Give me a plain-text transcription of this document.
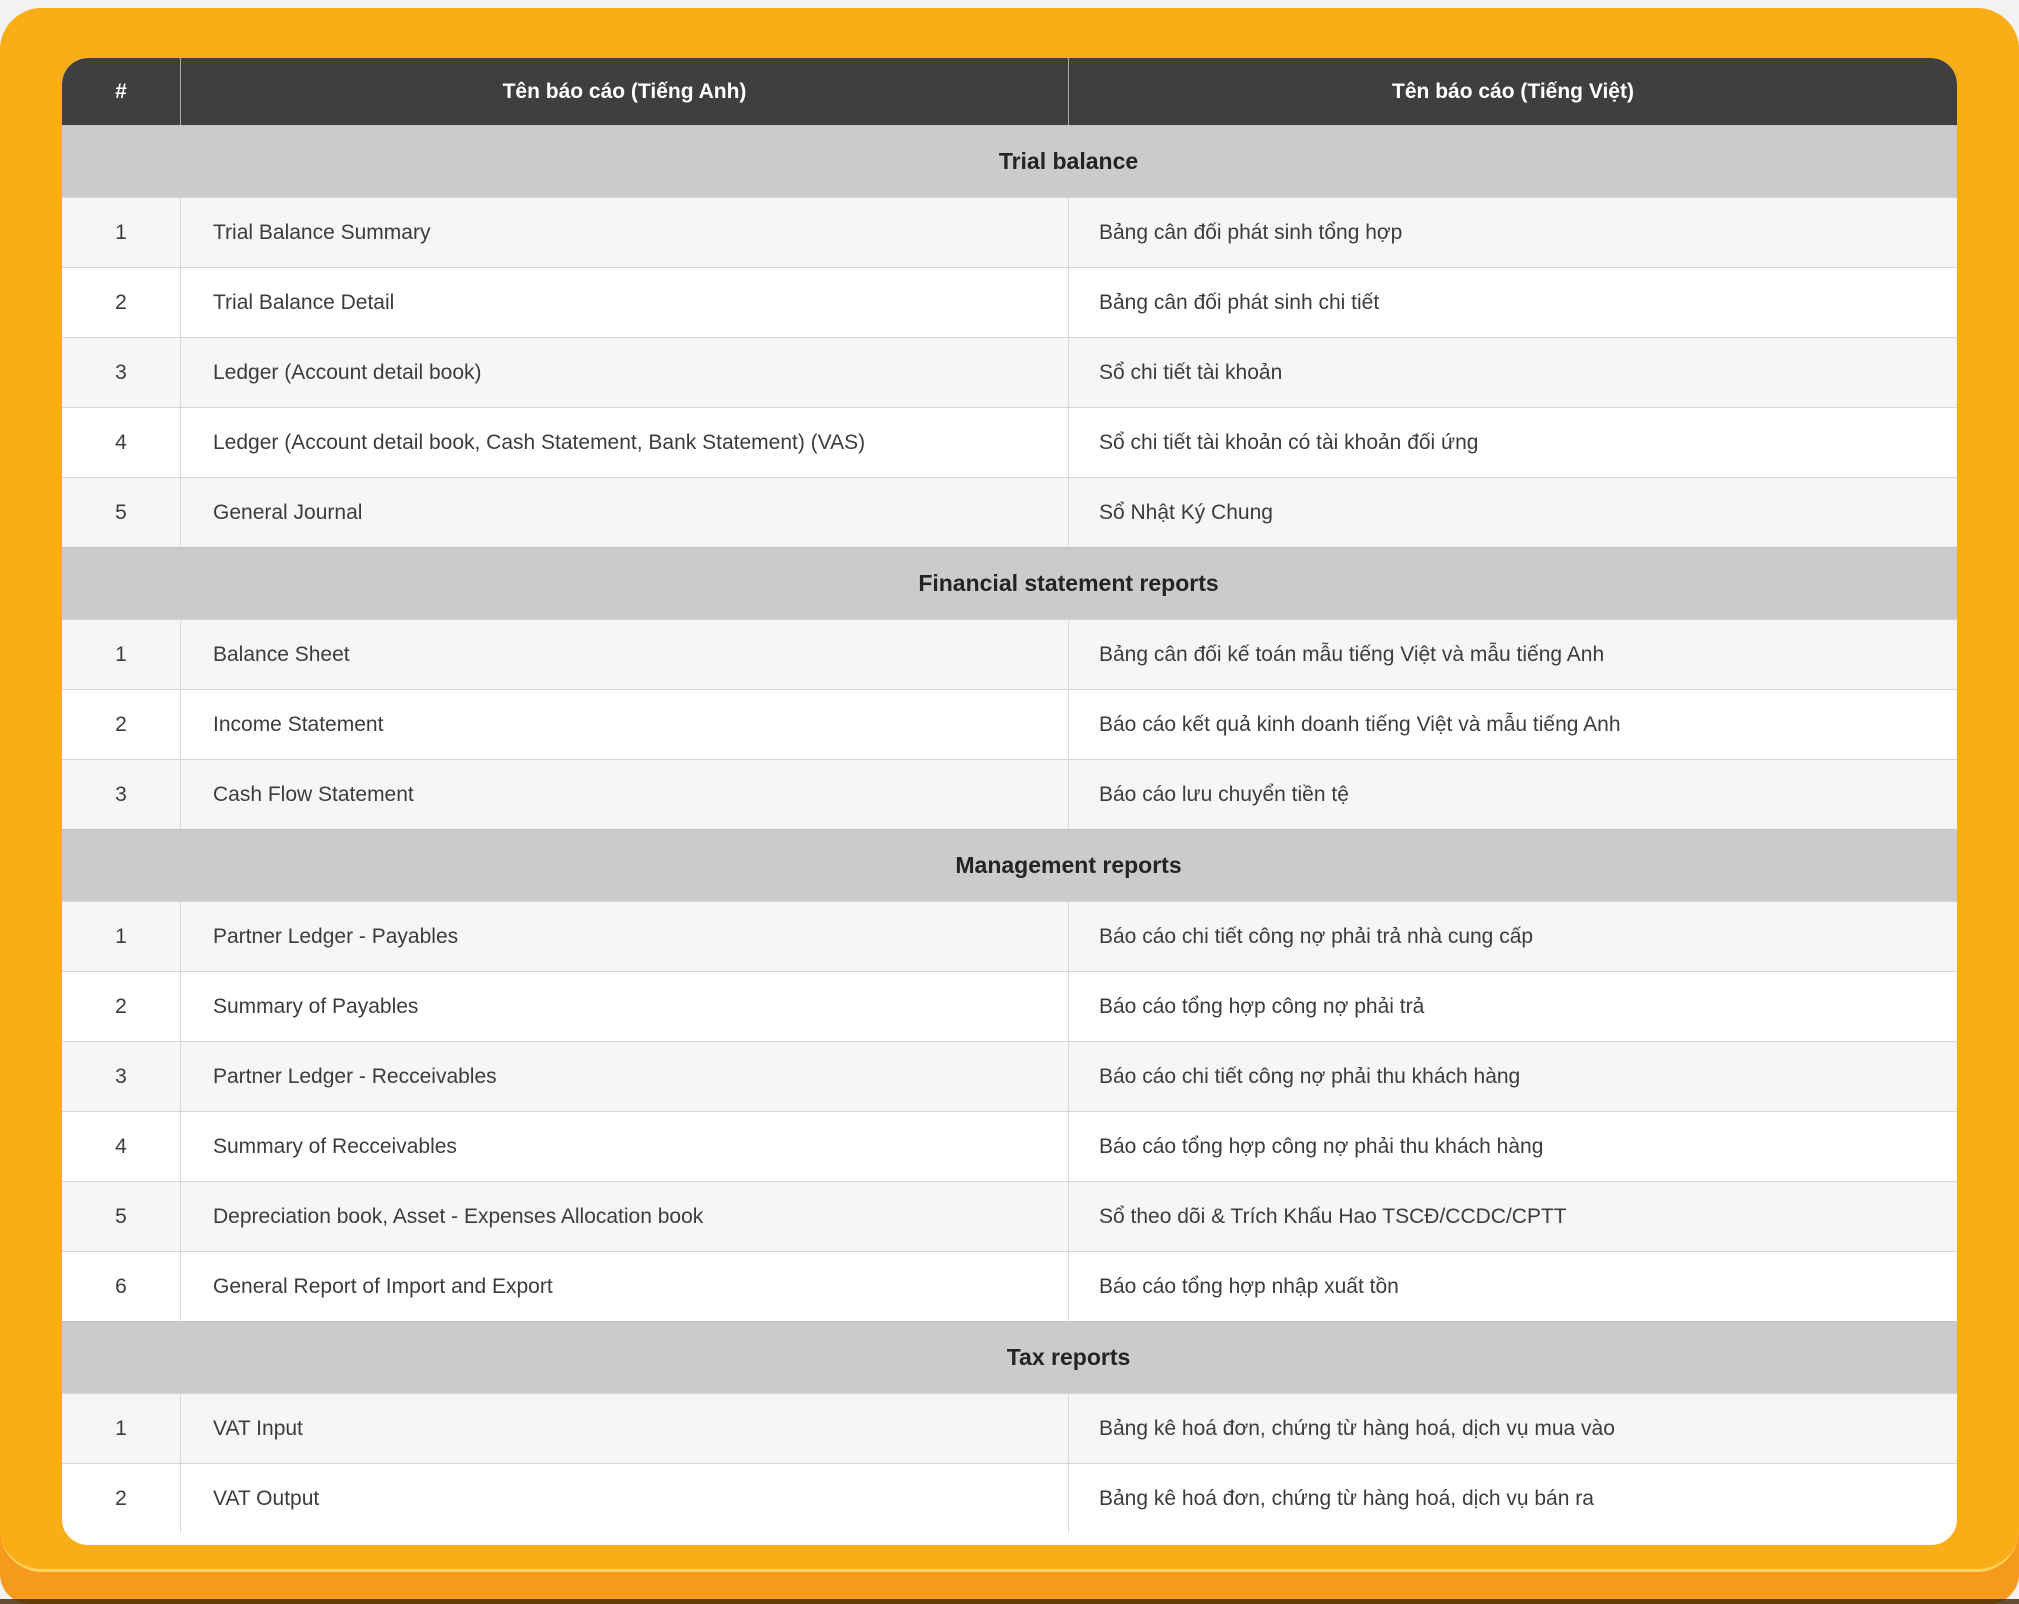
#	Tên báo cáo (Tiếng Anh)	Tên báo cáo (Tiếng Việt)
Trial balance		
1	Trial Balance Summary	Bảng cân đối phát sinh tổng hợp
2	Trial Balance Detail	Bảng cân đối phát sinh chi tiết
3	Ledger (Account detail book)	Sổ chi tiết tài khoản
4	Ledger (Account detail book, Cash Statement, Bank Statement) (VAS)	Sổ chi tiết tài khoản có tài khoản đối ứng
5	General Journal	Sổ Nhật Ký Chung
Financial statement reports		
1	Balance Sheet	Bảng cân đối kế toán mẫu tiếng Việt và mẫu tiếng Anh
2	Income Statement	Báo cáo kết quả kinh doanh tiếng Việt và mẫu tiếng Anh
3	Cash Flow Statement	Báo cáo lưu chuyển tiền tệ
Management reports		
1	Partner Ledger - Payables	Báo cáo chi tiết công nợ phải trả nhà cung cấp
2	Summary of Payables	Báo cáo tổng hợp công nợ phải trả
3	Partner Ledger - Recceivables	Báo cáo chi tiết công nợ phải thu khách hàng
4	Summary of Recceivables	Báo cáo tổng hợp công nợ phải thu khách hàng
5	Depreciation book, Asset - Expenses Allocation book	Sổ theo dõi & Trích Khấu Hao TSCĐ/CCDC/CPTT
6	General Report of Import and Export	Báo cáo tổng hợp nhập xuất tồn
Tax reports		
1	VAT Input	Bảng kê hoá đơn, chứng từ hàng hoá, dịch vụ mua vào
2	VAT Output	Bảng kê hoá đơn, chứng từ hàng hoá, dịch vụ bán ra
